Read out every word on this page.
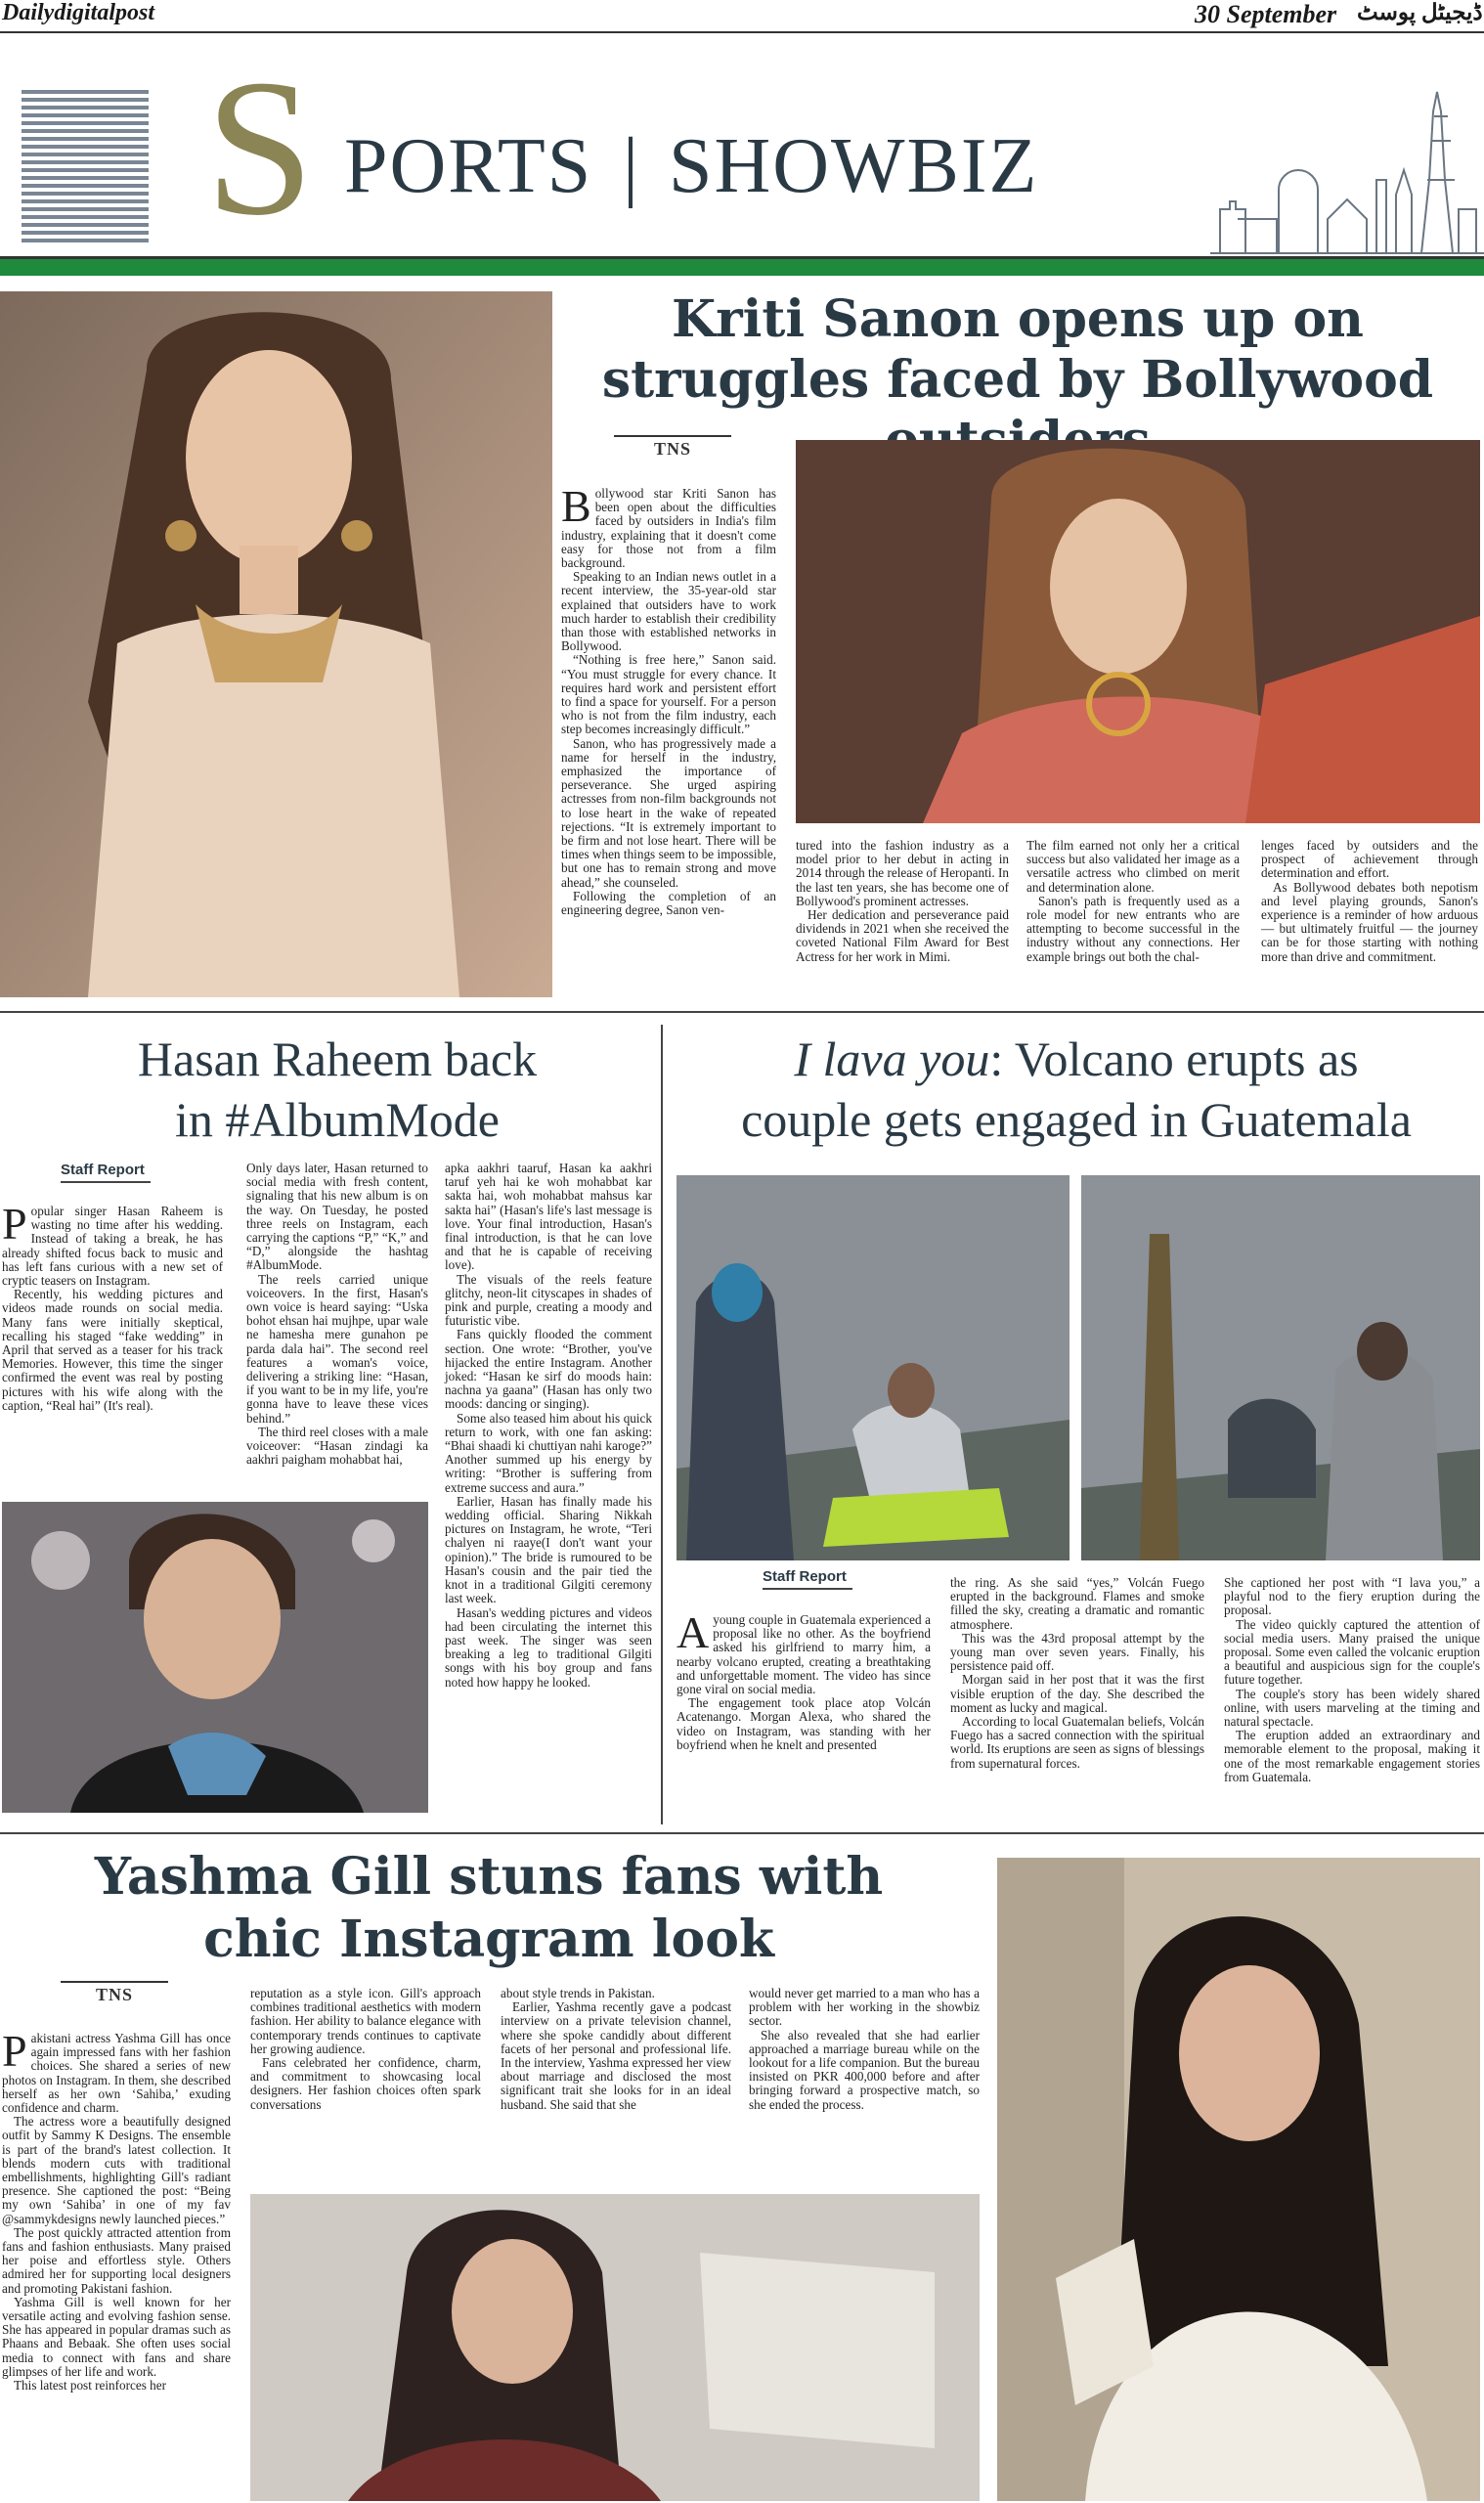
Dailydigitalpost	30 September ڈیجیٹل پوسٹ
S PORTS | SHOWBIZ
Kriti Sanon opens up on struggles faced by Bollywood
TNS

Bollywood star Kriti Sanon has been open about the difficulties faced by outsiders in India's film industry, explaining that it doesn't come easy for those not from a film background.

Speaking to an Indian news outlet in a recent interview, the 35-year-old star explained that outsiders have to work much harder to establish their credibility than those with established networks in Bollywood.

“Nothing is free here,” Sanon said. “You must struggle for every chance. It requires hard work and persistent effort to find a space for yourself. For a person who is not from the film industry, each step becomes increasingly difficult.”

Sanon, who has progressively made a name for herself in the industry, emphasized the importance of perseverance. She urged aspiring actresses from non-film backgrounds not to lose heart in the wake of repeated rejections. “It is extremely important to be firm and not lose heart. There will be times when things seem to be impossible, but one has to remain strong and move ahead,” she counseled.

Following the completion of an engineering degree, Sanon ven-

tured into the fashion industry as a model prior to her debut in acting in 2014 through the release of Heropanti. In the last ten years, she has become one of Bollywood's prominent actresses.

Her dedication and perseverance paid dividends in 2021 when she received the coveted National Film Award for Best Actress for her work in Mimi.

The film earned not only her a critical success but also validated her image as a versatile actress who climbed on merit and determination alone.

Sanon's path is frequently used as a role model for new entrants who are attempting to become successful in the industry without any connections. Her example brings out both the chal-

lenges faced by outsiders and the prospect of achievement through determination and effort.

As Bollywood debates both nepotism and level playing grounds, Sanon's experience is a reminder of how arduous — but ultimately fruitful — the journey can be for those starting with nothing more than drive and commitment.

Hasan Raheem back
in #AlbumMode
Staff Report

Popular singer Hasan Raheem is wasting no time after his wedding. Instead of taking a break, he has already shifted focus back to music and has left fans curious with a new set of cryptic teasers on Instagram.

Recently, his wedding pictures and videos made rounds on social media. Many fans were initially skeptical, recalling his staged “fake wedding” in April that served as a teaser for his track Memories. However, this time the singer confirmed the event was real by posting pictures with his wife along with the caption, “Real hai” (It's real).

Only days later, Hasan returned to social media with fresh content, signaling that his new album is on the way. On Tuesday, he posted three reels on Instagram, each carrying the captions “P,” “K,” and “D,” alongside the hashtag #AlbumMode.

The reels carried unique voiceovers. In the first, Hasan's own voice is heard saying: “Uska bohot ehsan hai mujhpe, upar wale ne hamesha mere gunahon pe parda dala hai”. The second reel features a woman's voice, delivering a striking line: “Hasan, if you want to be in my life, you're gonna have to leave these vices behind.”

The third reel closes with a male voiceover: “Hasan zindagi ka aakhri paigham mohabbat hai,

apka aakhri taaruf, Hasan ka aakhri taruf yeh hai ke woh mohabbat kar sakta hai, woh mohabbat mahsus kar sakta hai” (Hasan's life's last message is love. Your final introduction, Hasan's final introduction, is that he can love and that he is capable of receiving love).

The visuals of the reels feature glitchy, neon-lit cityscapes in shades of pink and purple, creating a moody and futuristic vibe.

Fans quickly flooded the comment section. One wrote: “Brother, you've hijacked the entire Instagram. Another joked: “Hasan ke sirf do moods hain: nachna ya gaana” (Hasan has only two moods: dancing or singing).

Some also teased him about his quick return to work, with one fan asking: “Bhai shaadi ki chuttiyan nahi karoge?” Another summed up his energy by writing: “Brother is suffering from extreme success and aura.”

Earlier, Hasan has finally made his wedding official. Sharing Nikkah pictures on Instagram, he wrote, “Teri chalyen ni raaye(I don't want your opinion).” The bride is rumoured to be Hasan's cousin and the pair tied the knot in a traditional Gilgiti ceremony last week.

Hasan's wedding pictures and videos had been circulating the internet this past week. The singer was seen breaking a leg to traditional Gilgiti songs with his boy group and fans noted how happy he looked.

I lava you: Volcano erupts as
couple gets engaged in Guatemala
Staff Report

Ayoung couple in Guatemala experienced a proposal like no other. As the boyfriend asked his girlfriend to marry him, a nearby volcano erupted, creating a breathtaking and unforgettable moment. The video has since gone viral on social media.

The engagement took place atop Volcán Acatenango. Morgan Alexa, who shared the video on Instagram, was standing with her boyfriend when he knelt and presented

the ring. As she said “yes,” Volcán Fuego erupted in the background. Flames and smoke filled the sky, creating a dramatic and romantic atmosphere.

This was the 43rd proposal attempt by the young man over seven years. Finally, his persistence paid off.

Morgan said in her post that it was the first visible eruption of the day. She described the moment as lucky and magical.

According to local Guatemalan beliefs, Volcán Fuego has a sacred connection with the spiritual world. Its eruptions are seen as signs of blessings from supernatural forces.

She captioned her post with “I lava you,” a playful nod to the fiery eruption during the proposal.

The video quickly captured the attention of social media users. Many praised the unique proposal. Some even called the volcanic eruption a beautiful and auspicious sign for the couple's future together.

The couple's story has been widely shared online, with users marveling at the timing and natural spectacle.

The eruption added an extraordinary and memorable element to the proposal, making it one of the most remarkable engagement stories from Guatemala.

Yashma Gill stuns fans with
chic Instagram look
TNS

Pakistani actress Yashma Gill has once again impressed fans with her fashion choices. She shared a series of new photos on Instagram. In them, she described herself as her own ‘Sahiba,’ exuding confidence and charm.

The actress wore a beautifully designed outfit by Sammy K Designs. The ensemble is part of the brand's latest collection. It blends modern cuts with traditional embellishments, highlighting Gill's radiant presence. She captioned the post: “Being my own ‘Sahiba’ in one of my fav @sammykdesigns newly launched pieces.”

The post quickly attracted attention from fans and fashion enthusiasts. Many praised her poise and effortless style. Others admired her for supporting local designers and promoting Pakistani fashion.

Yashma Gill is well known for her versatile acting and evolving fashion sense. She has appeared in popular dramas such as Phaans and Bebaak. She often uses social media to connect with fans and share glimpses of her life and work.

This latest post reinforces her

reputation as a style icon. Gill's approach combines traditional aesthetics with modern fashion. Her ability to balance elegance with contemporary trends continues to captivate her growing audience.

Fans celebrated her confidence, charm, and commitment to showcasing local designers. Her fashion choices often spark conversations

about style trends in Pakistan.

Earlier, Yashma recently gave a podcast interview on a private television channel, where she spoke candidly about different facets of her personal and professional life. In the interview, Yashma expressed her view about marriage and disclosed the most significant trait she looks for in an ideal husband. She said that she

would never get married to a man who has a problem with her working in the showbiz sector.

She also revealed that she had earlier approached a marriage bureau while on the lookout for a life companion. But the bureau insisted on PKR 400,000 before and after bringing forward a prospective match, so she ended the process.
